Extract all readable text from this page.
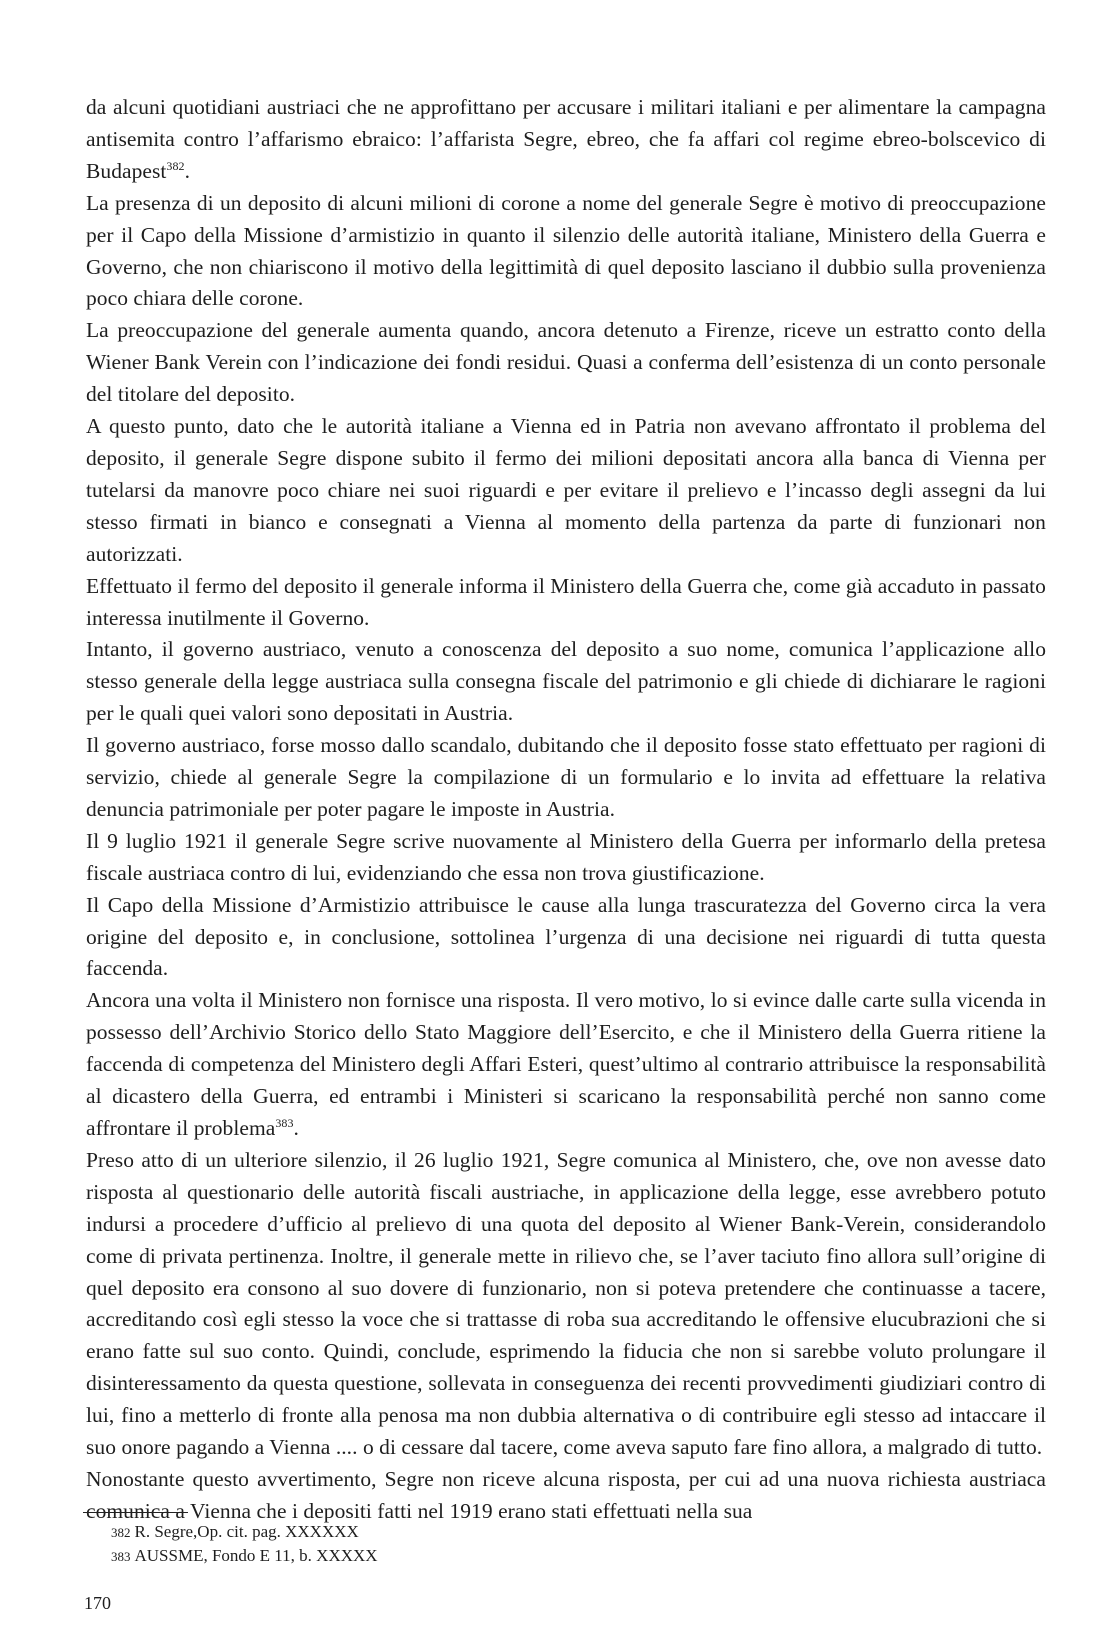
da alcuni quotidiani austriaci che ne approfittano per accusare i militari italiani e per alimentare la campagna antisemita contro l’affarismo ebraico: l’affarista Segre, ebreo, che fa affari col regime ebreo-bolscevico di Budapest$^{382}$.

La presenza di un deposito di alcuni milioni di corone a nome del generale Segre è motivo di preoccupazione per il Capo della Missione d’armistizio in quanto il silenzio delle autorità italiane, Ministero della Guerra e Governo, che non chiariscono il motivo della legittimità di quel deposito lasciano il dubbio sulla provenienza poco chiara delle corone.

La preoccupazione del generale aumenta quando, ancora detenuto a Firenze, riceve un estratto conto della Wiener Bank Verein con l’indicazione dei fondi residui. Quasi a conferma dell’esistenza di un conto personale del titolare del deposito.

A questo punto, dato che le autorità italiane a Vienna ed in Patria non avevano affrontato il problema del deposito, il generale Segre dispone subito il fermo dei milioni depositati ancora alla banca di Vienna per tutelarsi da manovre poco chiare nei suoi riguardi e per evitare il prelievo e l’incasso degli assegni da lui stesso firmati in bianco e consegnati a Vienna al momento della partenza da parte di funzionari non autorizzati.

Effettuato il fermo del deposito il generale informa il Ministero della Guerra che, come già accaduto in passato interessa inutilmente il Governo.

Intanto, il governo austriaco, venuto a conoscenza del deposito a suo nome, comunica l’applicazione allo stesso generale della legge austriaca sulla consegna fiscale del patrimonio e gli chiede di dichiarare le ragioni per le quali quei valori sono depositati in Austria.

Il governo austriaco, forse mosso dallo scandalo, dubitando che il deposito fosse stato effettuato per ragioni di servizio, chiede al generale Segre la compilazione di un formulario e lo invita ad effettuare la relativa denuncia patrimoniale per poter pagare le imposte in Austria.

Il 9 luglio 1921 il generale Segre scrive nuovamente al Ministero della Guerra per informarlo della pretesa fiscale austriaca contro di lui, evidenziando che essa non trova giustificazione.

Il Capo della Missione d’Armistizio attribuisce le cause alla lunga trascuratezza del Governo circa la vera origine del deposito e, in conclusione, sottolinea l’urgenza di una decisione nei riguardi di tutta questa faccenda.

Ancora una volta il Ministero non fornisce una risposta. Il vero motivo, lo si evince dalle carte sulla vicenda in possesso dell’Archivio Storico dello Stato Maggiore dell’Esercito, e che il Ministero della Guerra ritiene la faccenda di competenza del Ministero degli Affari Esteri, quest’ultimo al contrario attribuisce la responsabilità al dicastero della Guerra, ed entrambi i Ministeri si scaricano la responsabilità perché non sanno come affrontare il problema$^{383}$.

Preso atto di un ulteriore silenzio, il 26 luglio 1921, Segre comunica al Ministero, che, ove non avesse dato risposta al questionario delle autorità fiscali austriache, in applicazione della legge, esse avrebbero potuto indursi a procedere d’ufficio al prelievo di una quota del deposito al Wiener Bank-Verein, considerandolo come di privata pertinenza. Inoltre, il generale mette in rilievo che, se l’aver taciuto fino allora sull’origine di quel deposito era consono al suo dovere di funzionario, non si poteva pretendere che continuasse a tacere, accreditando così egli stesso la voce che si trattasse di roba sua accreditando le offensive elucubrazioni che si erano fatte sul suo conto. Quindi, conclude, esprimendo la fiducia che non si sarebbe voluto prolungare il disinteressamento da questa questione, sollevata in conseguenza dei recenti provvedimenti giudiziari contro di lui, fino a metterlo di fronte alla penosa ma non dubbia alternativa o di contribuire egli stesso ad intaccare il suo onore pagando a Vienna .... o di cessare dal tacere, come aveva saputo fare fino allora, a malgrado di tutto.

Nonostante questo avvertimento, Segre non riceve alcuna risposta, per cui ad una nuova richiesta austriaca comunica a Vienna che i depositi fatti nel 1919 erano stati effettuati nella sua

382 R. Segre,Op. cit. pag. XXXXXX
383 AUSSME, Fondo E 11, b. XXXXX
170
